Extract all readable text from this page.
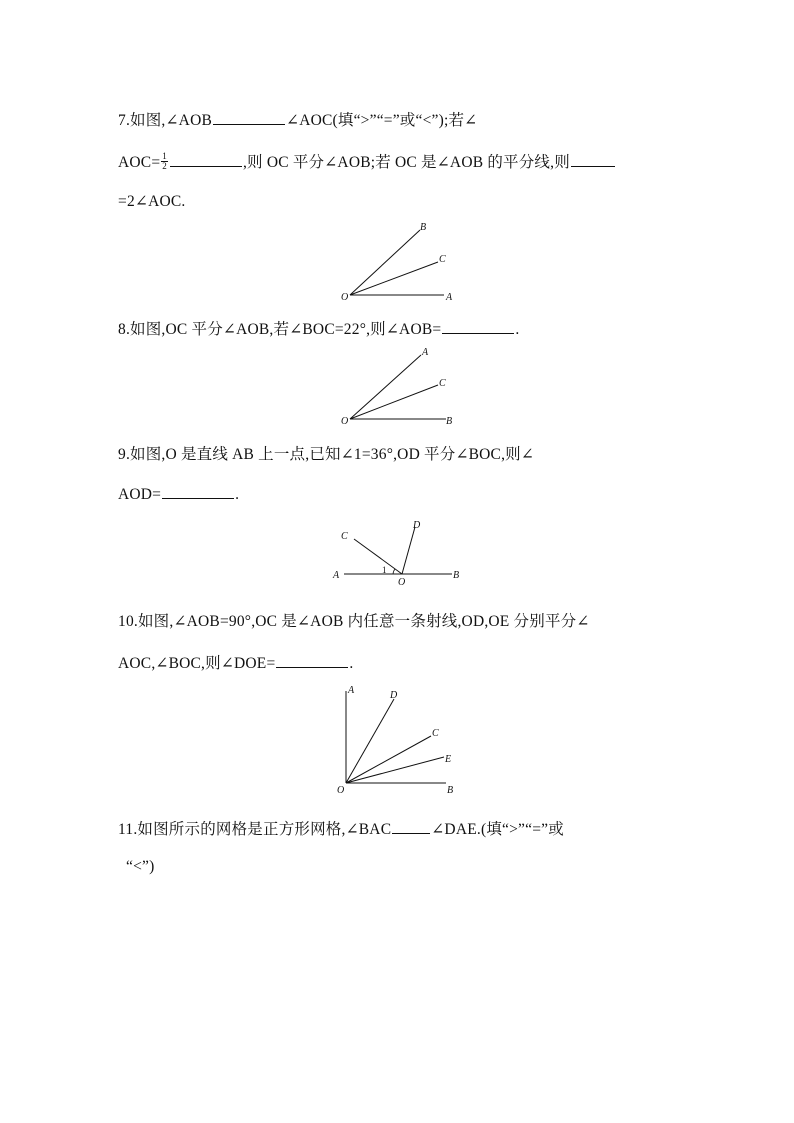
7.如图,∠AOB	∠AOC(填“>”“=”或“<”);若∠
$AOC= \frac{1}{2}$	,则 OC 平分∠AOB;若 OC 是∠AOB 的平分线,则
=2∠AOC.
B
C
O	A
8.如图,OC 平分∠AOB,若∠BOC=22°,则∠AOB=	.
A
C
O	B
9.如图,O 是直线 AB 上一点,已知∠1=36°,OD 平分∠BOC,则∠
AOD=	.
C
D
A	1
O
B
10.如图,∠AOB=90°,OC 是∠AOB 内任意一条射线,OD,OE 分别平分∠
AOC,∠BOC,则∠DOE=	.
A	D
C
E
O	B
11.如图所示的网格是正方形网格,∠BAC	∠DAE.(填“>”“=”或
“<”)
